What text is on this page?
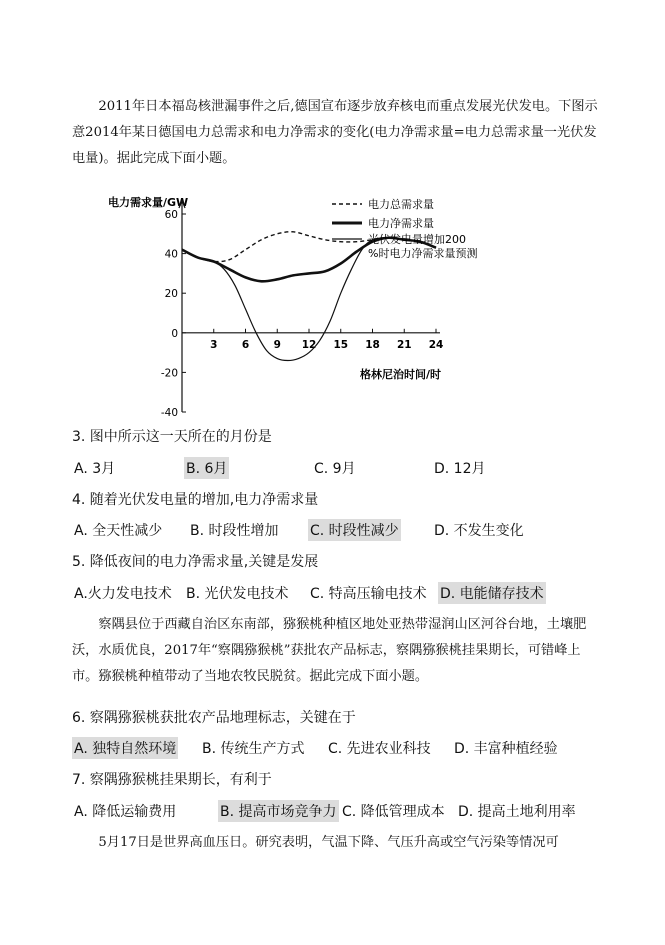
2011年日本福岛核泄漏事件之后,德国宣布逐步放弃核电而重点发展光伏发电。下图示意2014年某日德国电力总需求和电力净需求的变化(电力净需求量=电力总需求量一光伏发电量)。据此完成下面小题。
电力需求量/GW
格林尼治时间/时
-40
-20
0
20
40
60
3 6 9 12 15 18 21 24
电力总需求量
电力净需求量
光伏发电量增加200
%时电力净需求量预测
3. 图中所示这一天所在的月份是
A. 3月	B. 6月	C. 9月	D. 12月
4. 随着光伏发电量的增加,电力净需求量
A. 全天性减少 B. 时段性增加 C. 时段性减少	D. 不发生变化
5. 降低夜间的电力净需求量,关键是发展
A.火力发电技术 B. 光伏发电技术 C. 特高压输电技术 D. 电能储存技术
察隅县位于西藏自治区东南部，猕猴桃种植区地处亚热带湿润山区河谷台地，土壤肥沃，水质优良，2017年“察隅猕猴桃”获批农产品标志，察隅猕猴桃挂果期长，可错峰上市。猕猴桃种植带动了当地农牧民脱贫。据此完成下面小题。
6. 察隅猕猴桃获批农产品地理标志，关键在于
A. 独特自然环境 B. 传统生产方式 C. 先进农业科技 D. 丰富种植经验
7. 察隅猕猴桃挂果期长，有利于
A. 降低运输费用	B. 提高市场竞争力 C. 降低管理成本 D. 提高土地利用率
5月17日是世界高血压日。研究表明，气温下降、气压升高或空气污染等情况可
